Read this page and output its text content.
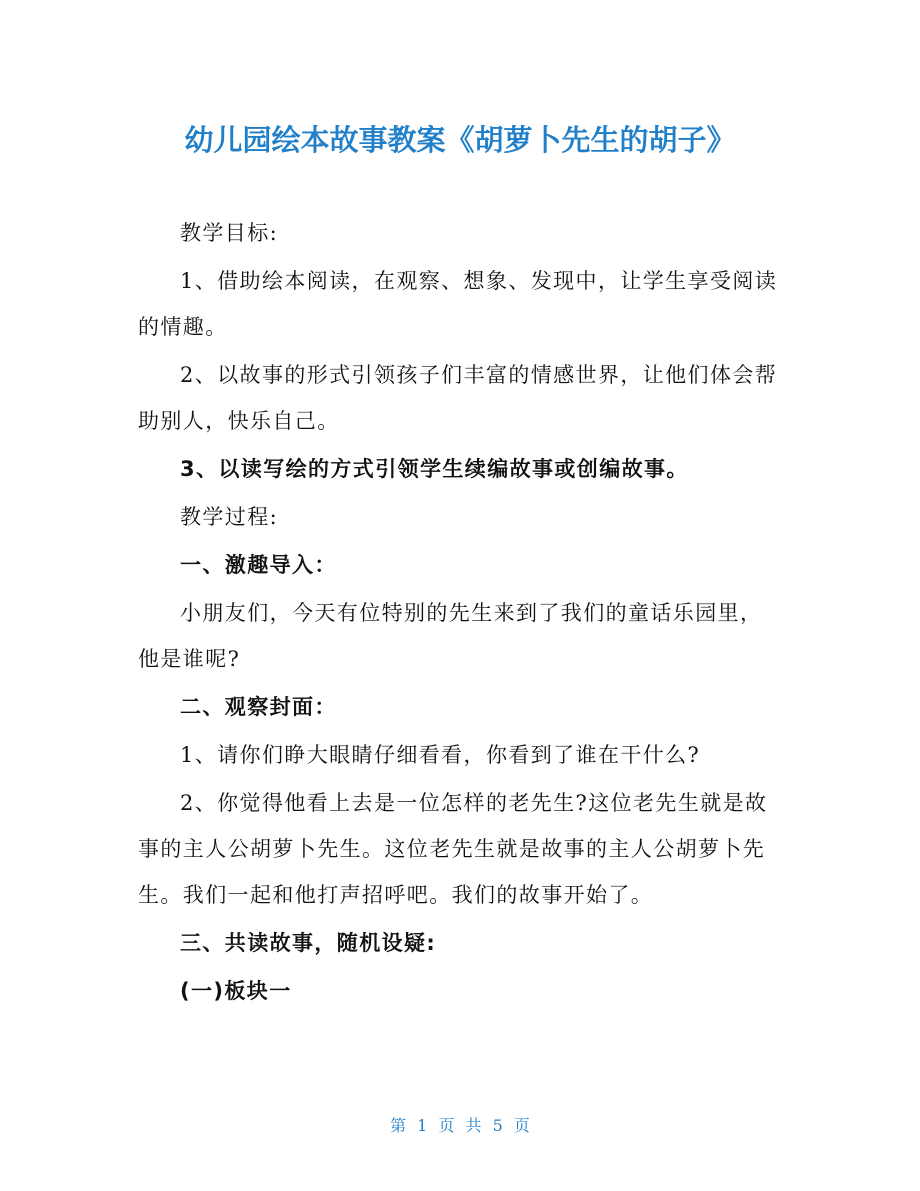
幼儿园绘本故事教案《胡萝卜先生的胡子》

教学目标:

1、借助绘本阅读，在观察、想象、发现中，让学生享受阅读的情趣。

2、以故事的形式引领孩子们丰富的情感世界，让他们体会帮助别人，快乐自己。

3、以读写绘的方式引领学生续编故事或创编故事。

教学过程:

一、激趣导入：

小朋友们，今天有位特别的先生来到了我们的童话乐园里，他是谁呢?

二、观察封面：

1、请你们睁大眼睛仔细看看，你看到了谁在干什么?

2、你觉得他看上去是一位怎样的老先生?这位老先生就是故事的主人公胡萝卜先生。这位老先生就是故事的主人公胡萝卜先生。我们一起和他打声招呼吧。我们的故事开始了。

三、共读故事，随机设疑:

(一)板块一

第 1 页 共 5 页
